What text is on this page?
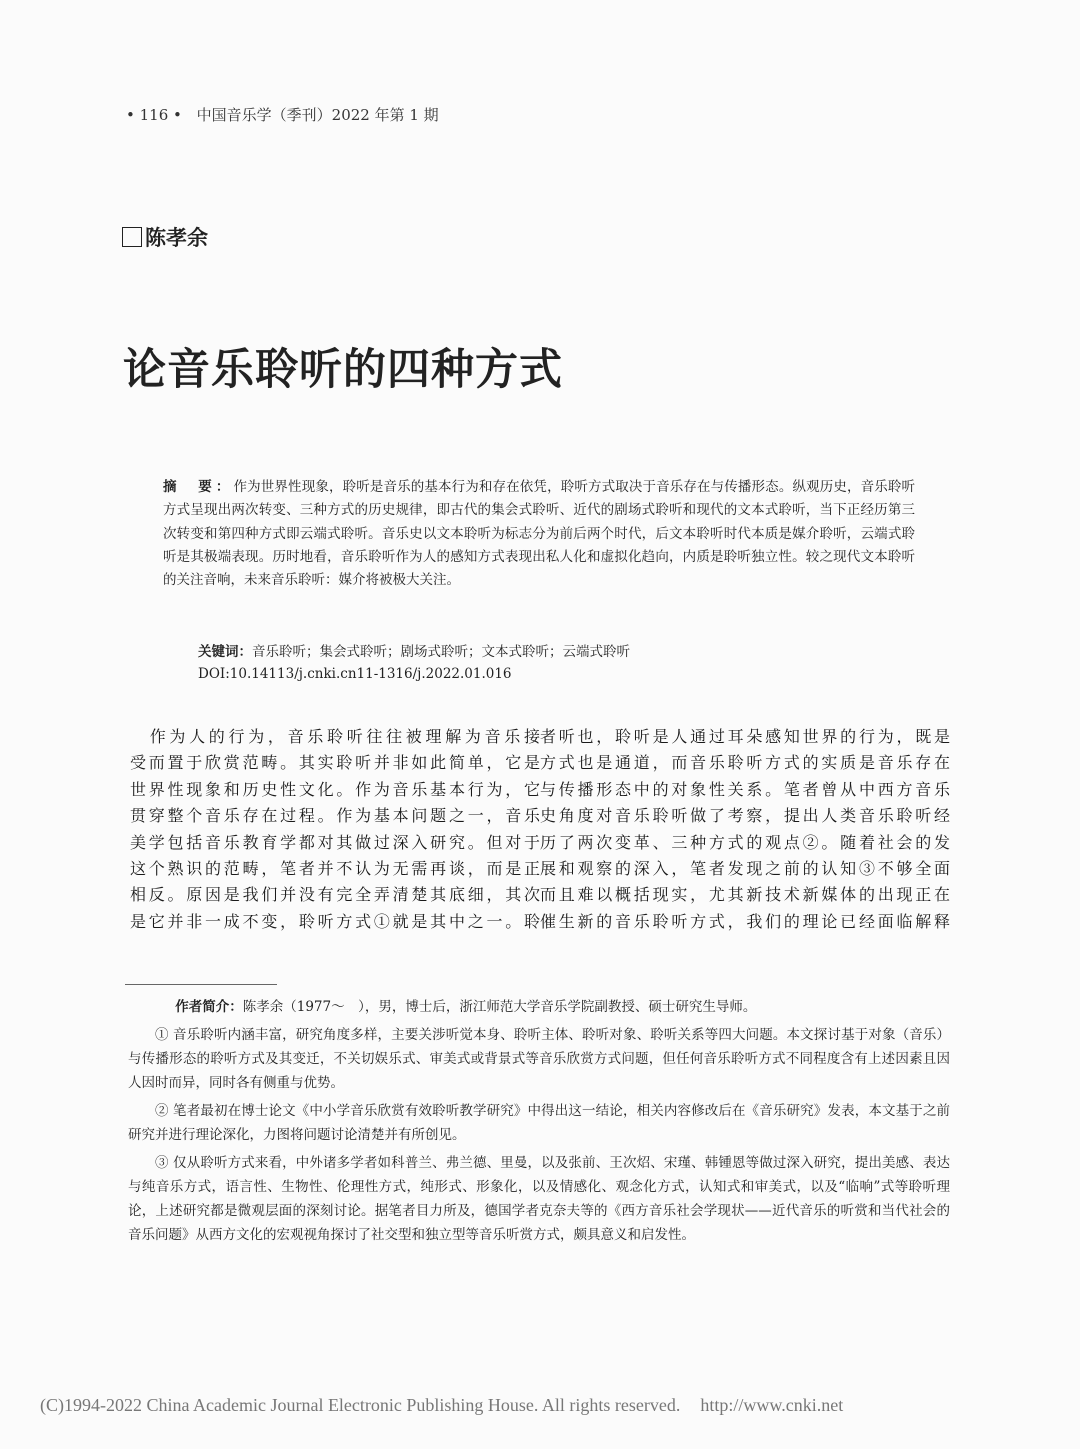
• 116 • 中国音乐学（季刊）2022 年第 1 期
陈孝余
论音乐聆听的四种方式
摘　要：作为世界性现象，聆听是音乐的基本行为和存在依凭，聆听方式取决于音乐存在与传播形态。纵观历史，音乐聆听方式呈现出两次转变、三种方式的历史规律，即古代的集会式聆听、近代的剧场式聆听和现代的文本式聆听，当下正经历第三次转变和第四种方式即云端式聆听。音乐史以文本聆听为标志分为前后两个时代，后文本聆听时代本质是媒介聆听，云端式聆听是其极端表现。历时地看，音乐聆听作为人的感知方式表现出私人化和虚拟化趋向，内质是聆听独立性。较之现代文本聆听的关注音响，未来音乐聆听：媒介将被极大关注。
关键词：音乐聆听；集会式聆听；剧场式聆听；文本式聆听；云端式聆听
DOI:10.14113/j.cnki.cn11-1316/j.2022.01.016
　作为人的行为，音乐聆听往往被理解为音乐接
受而置于欣赏范畴。其实聆听并非如此简单，它是
世界性现象和历史性文化。作为音乐基本行为，它
贯穿整个音乐存在过程。作为基本问题之一，音乐
美学包括音乐教育学都对其做过深入研究。但对于
这个熟识的范畴，笔者并不认为无需再谈，而是正
相反。原因是我们并没有完全弄清楚其底细，其次
是它并非一成不变，聆听方式①就是其中之一。聆
者听也，聆听是人通过耳朵感知世界的行为，既是
方式也是通道，而音乐聆听方式的实质是音乐存在
与传播形态中的对象性关系。笔者曾从中西方音乐
史角度对音乐聆听做了考察，提出人类音乐聆听经
历了两次变革、三种方式的观点②。随着社会的发
展和观察的深入，笔者发现之前的认知③不够全面
而且难以概括现实，尤其新技术新媒体的出现正在
催生新的音乐聆听方式，我们的理论已经面临解释

作者简介：陈孝余（1977～　），男，博士后，浙江师范大学音乐学院副教授、硕士研究生导师。

① 音乐聆听内涵丰富，研究角度多样，主要关涉听觉本身、聆听主体、聆听对象、聆听关系等四大问题。本文探讨基于对象（音乐）与传播形态的聆听方式及其变迁，不关切娱乐式、审美式或背景式等音乐欣赏方式问题，但任何音乐聆听方式不同程度含有上述因素且因人因时而异，同时各有侧重与优势。

② 笔者最初在博士论文《中小学音乐欣赏有效聆听教学研究》中得出这一结论，相关内容修改后在《音乐研究》发表，本文基于之前研究并进行理论深化，力图将问题讨论清楚并有所创见。

③ 仅从聆听方式来看，中外诸多学者如科普兰、弗兰德、里曼，以及张前、王次炤、宋瑾、韩锺恩等做过深入研究，提出美感、表达与纯音乐方式，语言性、生物性、伦理性方式，纯形式、形象化，以及情感化、观念化方式，认知式和审美式，以及“临响”式等聆听理论，上述研究都是微观层面的深刻讨论。据笔者目力所及，德国学者克奈夫等的《西方音乐社会学现状——近代音乐的听赏和当代社会的音乐问题》从西方文化的宏观视角探讨了社交型和独立型等音乐听赏方式，颇具意义和启发性。

(C)1994-2022 China Academic Journal Electronic Publishing House. All rights reserved. http://www.cnki.net
